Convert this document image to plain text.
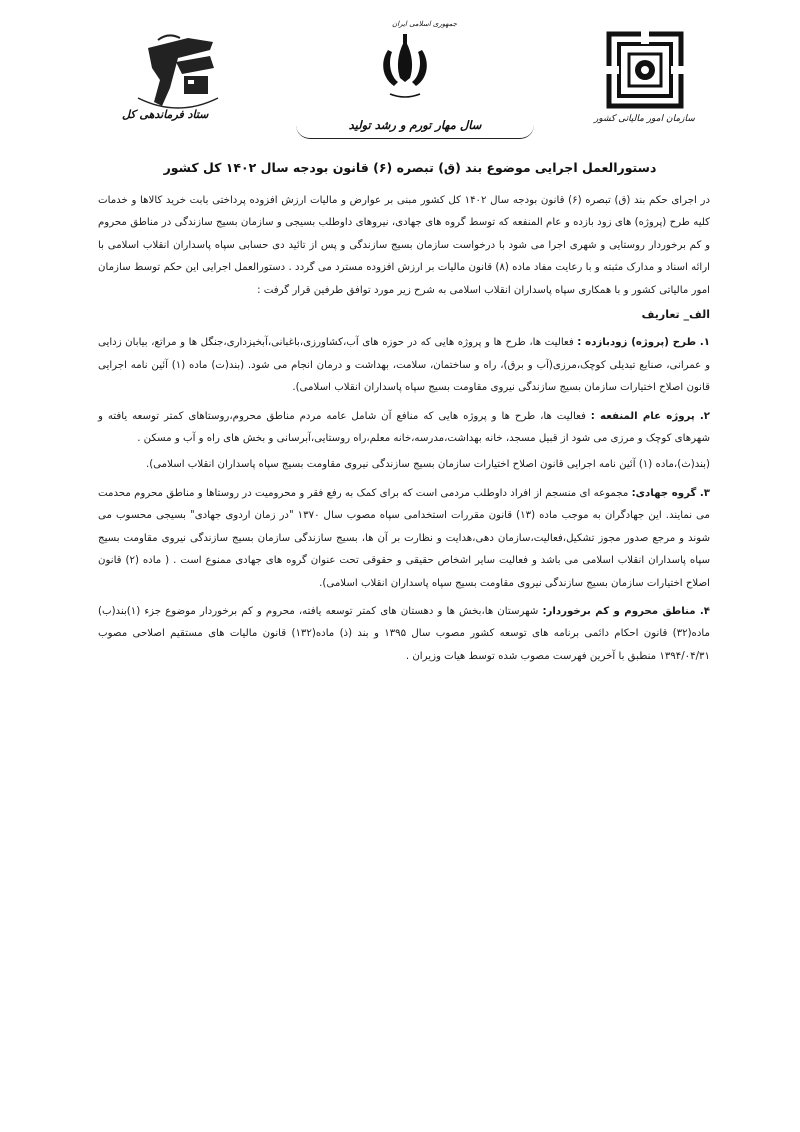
ستاد فرماندهی کل
جمهوری اسلامی ایران
سازمان امور مالیاتی کشور
سال مهار تورم و رشد تولید
دستورالعمل اجرایی موضوع بند (ق) تبصره (۶) قانون بودجه سال ۱۴۰۲ کل کشور

در اجرای حکم بند (ق) تبصره (۶) قانون بودجه سال ۱۴۰۲ کل کشور مبنی بر عوارض و مالیات ارزش افزوده پرداختی بابت خرید کالاها و خدمات کلیه طرح (پروژه) های زود بازده و عام المنفعه که توسط گروه های جهادی، نیروهای داوطلب بسیجی و سازمان بسیج سازندگی در مناطق محروم و کم برخوردار روستایی و شهری اجرا می شود با درخواست سازمان بسیج سازندگی و پس از تائید دی حسابی سپاه پاسداران انقلاب اسلامی با ارائه اسناد و مدارک مثبته و با رعایت مفاد ماده (۸) قانون مالیات بر ارزش افزوده مسترد می گردد . دستورالعمل اجرایی این حکم توسط سازمان امور مالیاتی کشور و با همکاری سپاه پاسداران انقلاب اسلامی به شرح زیر مورد توافق طرفین قرار گرفت :

الف_ تعاریف

۱. طرح (پروژه) زودبازده : فعالیت ها، طرح ها و پروژه هایی که در حوزه های آب،کشاورزی،باغبانی،آبخیزداری،جنگل ها و مراتع، بیابان زدایی و عمرانی، صنایع تبدیلی کوچک،مرزی(آب و برق)، راه و ساختمان، سلامت، بهداشت و درمان انجام می شود. (بند(ت) ماده (۱) آئین نامه اجرایی قانون اصلاح اختیارات سازمان بسیج سازندگی نیروی مقاومت بسیج سپاه پاسداران انقلاب اسلامی).

۲. پروژه عام المنفعه : فعالیت ها، طرح ها و پروژه هایی که منافع آن شامل عامه مردم مناطق محروم،روستاهای کمتر توسعه یافته و شهرهای کوچک و مرزی می شود از قبیل مسجد، خانه بهداشت،مدرسه،خانه معلم،راه روستایی،آبرسانی و بخش های راه و آب و مسکن .

(بند(ث)،ماده (۱) آئین نامه اجرایی قانون اصلاح اختیارات سازمان بسیج سازندگی نیروی مقاومت بسیج سپاه پاسداران انقلاب اسلامی).

۳. گروه جهادی: مجموعه ای منسجم از افراد داوطلب مردمی است که برای کمک به رفع فقر و محرومیت در روستاها و مناطق محروم محدمت می نمایند. این جهادگران به موجب ماده (۱۳) قانون مقررات استخدامی سپاه مصوب سال ۱۳۷۰ "در زمان اردوی جهادی" بسیجی محسوب می شوند و مرجع صدور مجوز تشکیل،فعالیت،سازمان دهی،هدایت و نظارت بر آن ها، بسیج سازندگی سازمان بسیج سازندگی نیروی مقاومت بسیج سپاه پاسداران انقلاب اسلامی می باشد و فعالیت سایر اشخاص حقیقی و حقوقی تحت عنوان گروه های جهادی ممنوع است . ( ماده (۲) قانون اصلاح اختیارات سازمان بسیج سازندگی نیروی مقاومت بسیج سپاه پاسداران انقلاب اسلامی).

۴. مناطق محروم و کم برخوردار: شهرستان ها،بخش ها و دهستان های کمتر توسعه یافته، محروم و کم برخوردار موضوع جزء (۱)بند(ب) ماده(۳۲) قانون احکام دائمی برنامه های توسعه کشور مصوب سال ۱۳۹۵ و بند (ذ) ماده(۱۳۲) قانون مالیات های مستقیم اصلاحی مصوب ۱۳۹۴/۰۴/۳۱ منطبق با آخرین فهرست مصوب شده توسط هیات وزیران .
